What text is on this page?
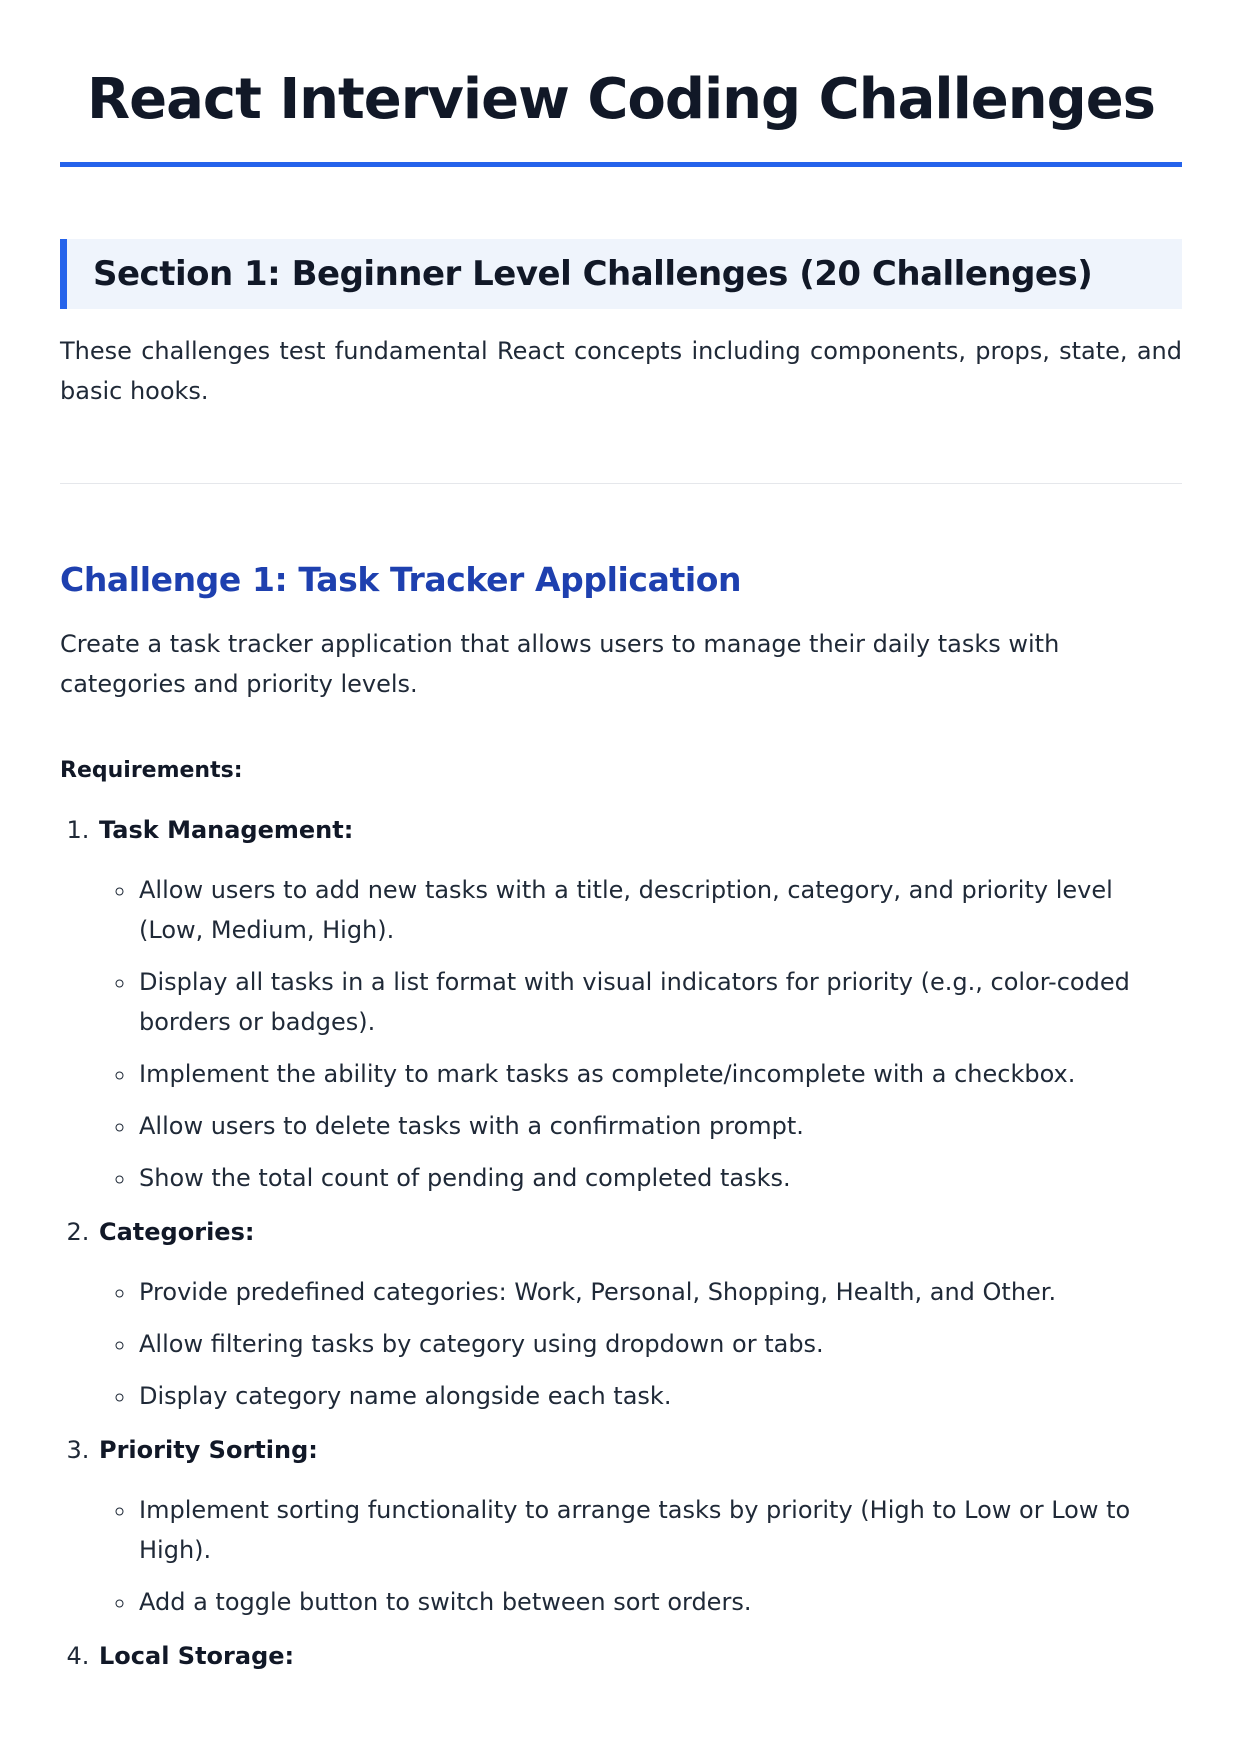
React Interview Coding Challenges
Section 1: Beginner Level Challenges (20 Challenges)

These challenges test fundamental React concepts including components, props, state, and basic hooks.

Challenge 1: Task Tracker Application

Create a task tracker application that allows users to manage their daily tasks with categories and priority levels.

Requirements:
1. Task Management:
◦ Allow users to add new tasks with a title, description, category, and priority level (Low, Medium, High).
◦ Display all tasks in a list format with visual indicators for priority (e.g., color-coded borders or badges).
◦ Implement the ability to mark tasks as complete/incomplete with a checkbox.
◦ Allow users to delete tasks with a confirmation prompt.
◦ Show the total count of pending and completed tasks.
2. Categories:
◦ Provide predefined categories: Work, Personal, Shopping, Health, and Other.
◦ Allow filtering tasks by category using dropdown or tabs.
◦ Display category name alongside each task.
3. Priority Sorting:
◦ Implement sorting functionality to arrange tasks by priority (High to Low or Low to High).
◦ Add a toggle button to switch between sort orders.
4. Local Storage:
